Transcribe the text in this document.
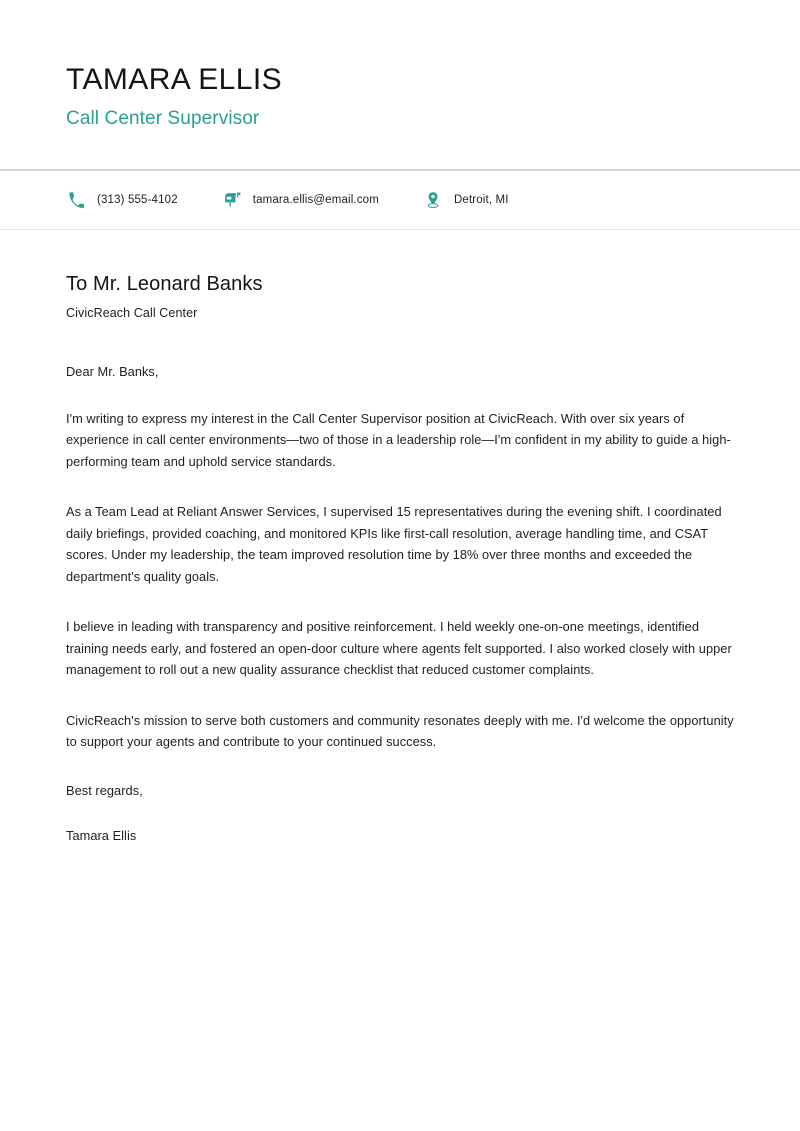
TAMARA ELLIS
Call Center Supervisor
(313) 555-4102	tamara.ellis@email.com	Detroit, MI
To Mr. Leonard Banks
CivicReach Call Center

Dear Mr. Banks,

I'm writing to express my interest in the Call Center Supervisor position at CivicReach. With over six years of experience in call center environments—two of those in a leadership role—I'm confident in my ability to guide a high-performing team and uphold service standards.

As a Team Lead at Reliant Answer Services, I supervised 15 representatives during the evening shift. I coordinated daily briefings, provided coaching, and monitored KPIs like first-call resolution, average handling time, and CSAT scores. Under my leadership, the team improved resolution time by 18% over three months and exceeded the department's quality goals.

I believe in leading with transparency and positive reinforcement. I held weekly one-on-one meetings, identified training needs early, and fostered an open-door culture where agents felt supported. I also worked closely with upper management to roll out a new quality assurance checklist that reduced customer complaints.

CivicReach's mission to serve both customers and community resonates deeply with me. I'd welcome the opportunity to support your agents and contribute to your continued success.

Best regards,

Tamara Ellis
